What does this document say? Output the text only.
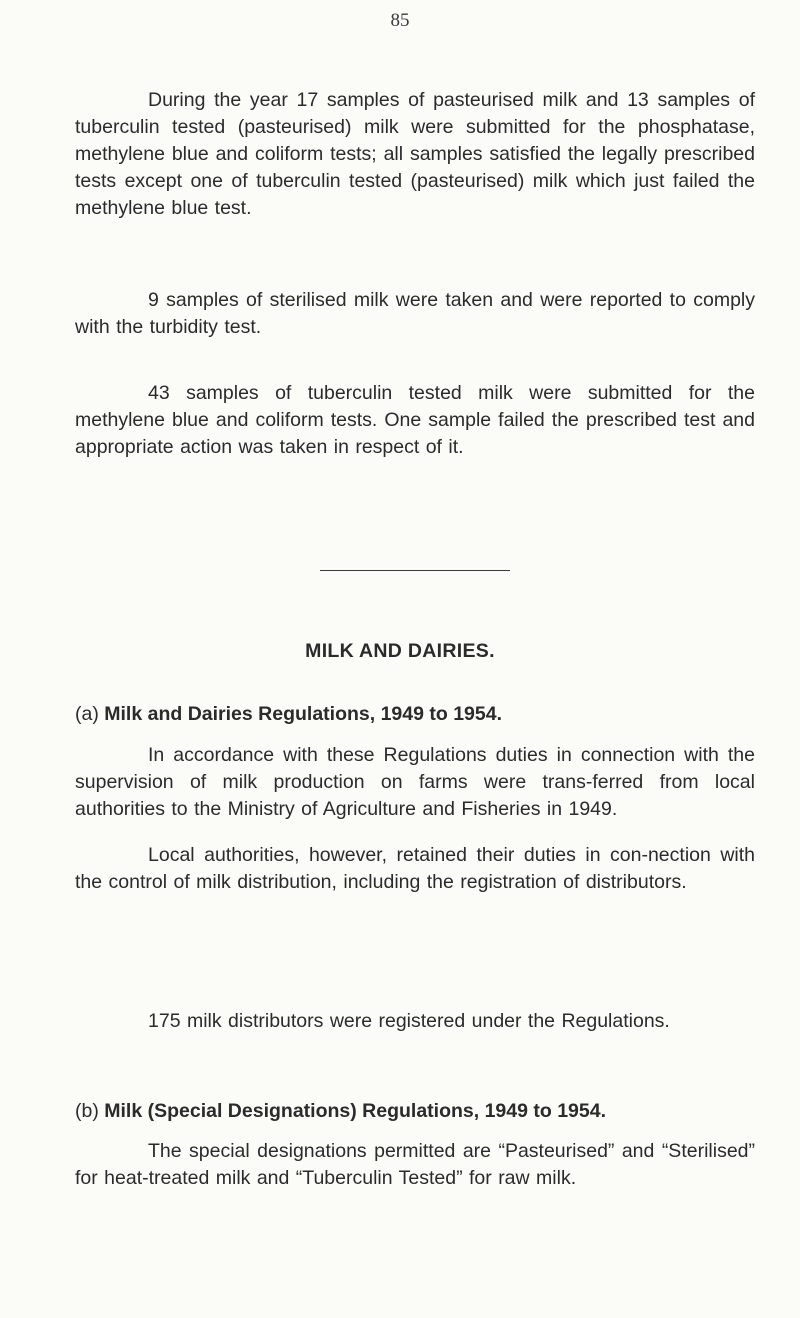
85

During the year 17 samples of pasteurised milk and 13 samples of tuberculin tested (pasteurised) milk were submitted for the phosphatase, methylene blue and coliform tests; all samples satisfied the legally prescribed tests except one of tuberculin tested (pasteurised) milk which just failed the methylene blue test.

9 samples of sterilised milk were taken and were reported to comply with the turbidity test.

43 samples of tuberculin tested milk were submitted for the methylene blue and coliform tests. One sample failed the prescribed test and appropriate action was taken in respect of it.

MILK AND DAIRIES.
(a) Milk and Dairies Regulations, 1949 to 1954.

In accordance with these Regulations duties in connection with the supervision of milk production on farms were trans-ferred from local authorities to the Ministry of Agriculture and Fisheries in 1949.

Local authorities, however, retained their duties in con-nection with the control of milk distribution, including the registration of distributors.

175 milk distributors were registered under the Regulations.

(b) Milk (Special Designations) Regulations, 1949 to 1954.

The special designations permitted are “Pasteurised” and “Sterilised” for heat-treated milk and “Tuberculin Tested” for raw milk.
